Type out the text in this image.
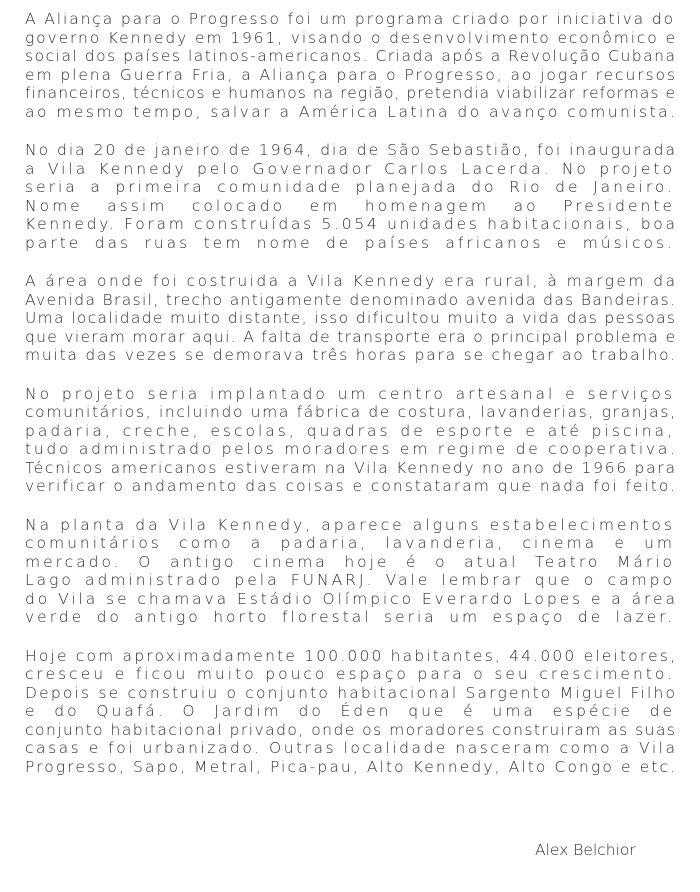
A Aliança para o Progresso foi um programa criado por iniciativa do
governo Kennedy em 1961, visando o desenvolvimento econômico e
social dos países latinos-americanos. Criada após a Revolução Cubana
em plena Guerra Fria, a Aliança para o Progresso, ao jogar recursos
financeiros, técnicos e humanos na região, pretendia viabilizar reformas e
ao mesmo tempo, salvar a América Latina do avanço comunista.
No dia 20 de janeiro de 1964, dia de São Sebastião, foi inaugurada
a Vila Kennedy pelo Governador Carlos Lacerda. No projeto
seria a primeira comunidade planejada do Rio de Janeiro.
Nome assim colocado em homenagem ao Presidente
Kennedy. Foram construídas 5.054 unidades habitacionais, boa
parte das ruas tem nome de países africanos e músicos.
A área onde foi costruida a Vila Kennedy era rural, à margem da
Avenida Brasil, trecho antigamente denominado avenida das Bandeiras.
Uma localidade muito distante, isso dificultou muito a vida das pessoas
que vieram morar aqui. A falta de transporte era o principal problema e
muita das vezes se demorava três horas para se chegar ao trabalho.
No projeto seria implantado um centro artesanal e serviços
comunitários, incluindo uma fábrica de costura, lavanderias, granjas,
padaria, creche, escolas, quadras de esporte e até piscina,
tudo administrado pelos moradores em regime de cooperativa.
Técnicos americanos estiveram na Vila Kennedy no ano de 1966 para
verificar o andamento das coisas e constataram que nada foi feito.
Na planta da Vila Kennedy, aparece alguns estabelecimentos
comunitários como a padaria, lavanderia, cinema e um
mercado. O antigo cinema hoje é o atual Teatro Mário
Lago administrado pela FUNARJ. Vale lembrar que o campo
do Vila se chamava Estádio Olímpico Everardo Lopes e a área
verde do antigo horto florestal seria um espaço de lazer.
Hoje com aproximadamente 100.000 habitantes, 44.000 eleitores,
cresceu e ficou muito pouco espaço para o seu crescimento.
Depois se construiu o conjunto habitacional Sargento Miguel Filho
e do Quafá. O Jardim do Éden que é uma espécie de
conjunto habitacional privado, onde os moradores construiram as suas
casas e foi urbanizado. Outras localidade nasceram como a Vila
Progresso, Sapo, Metral, Pica-pau, Alto Kennedy, Alto Congo e etc.
Alex Belchior
